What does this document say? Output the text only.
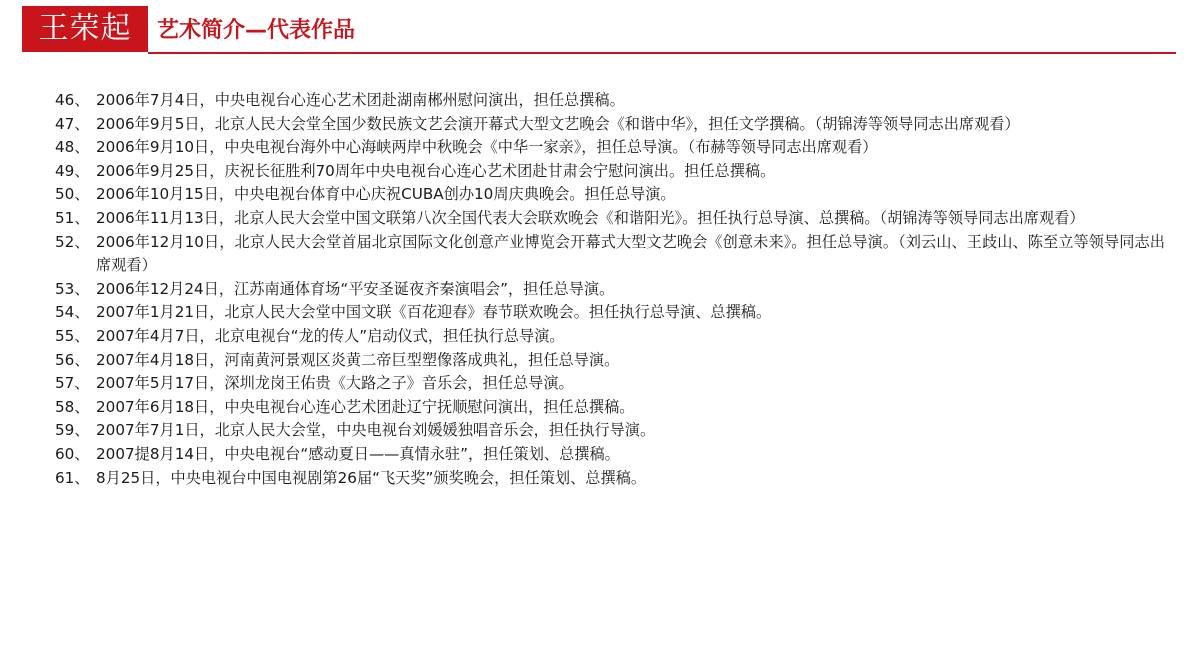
王荣起	艺术简介—代表作品
46、 2006年7月4日，中央电视台心连心艺术团赴湖南郴州慰问演出，担任总撰稿。
47、 2006年9月5日，北京人民大会堂全国少数民族文艺会演开幕式大型文艺晚会《和谐中华》，担任文学撰稿。（胡锦涛等领导同志出席观看）
48、 2006年9月10日，中央电视台海外中心海峡两岸中秋晚会《中华一家亲》，担任总导演。（布赫等领导同志出席观看）
49、 2006年9月25日，庆祝长征胜利70周年中央电视台心连心艺术团赴甘肃会宁慰问演出。担任总撰稿。
50、 2006年10月15日，中央电视台体育中心庆祝CUBA创办10周庆典晚会。担任总导演。
51、 2006年11月13日，北京人民大会堂中国文联第八次全国代表大会联欢晚会《和谐阳光》。担任执行总导演、总撰稿。（胡锦涛等领导同志出席观看）
52、 2006年12月10日，北京人民大会堂首届北京国际文化创意产业博览会开幕式大型文艺晚会《创意未来》。担任总导演。（刘云山、王歧山、陈至立等领导同志出席观看）
53、 2006年12月24日，江苏南通体育场“平安圣诞夜齐秦演唱会”，担任总导演。
54、 2007年1月21日，北京人民大会堂中国文联《百花迎春》春节联欢晚会。担任执行总导演、总撰稿。
55、 2007年4月7日，北京电视台“龙的传人”启动仪式，担任执行总导演。
56、 2007年4月18日，河南黄河景观区炎黄二帝巨型塑像落成典礼，担任总导演。
57、 2007年5月17日，深圳龙岗王佑贵《大路之子》音乐会，担任总导演。
58、 2007年6月18日，中央电视台心连心艺术团赴辽宁抚顺慰问演出，担任总撰稿。
59、 2007年7月1日，北京人民大会堂，中央电视台刘媛媛独唱音乐会，担任执行导演。
60、 2007提8月14日，中央电视台“感动夏日——真情永驻”，担任策划、总撰稿。
61、 8月25日，中央电视台中国电视剧第26届“飞天奖”颁奖晚会，担任策划、总撰稿。
